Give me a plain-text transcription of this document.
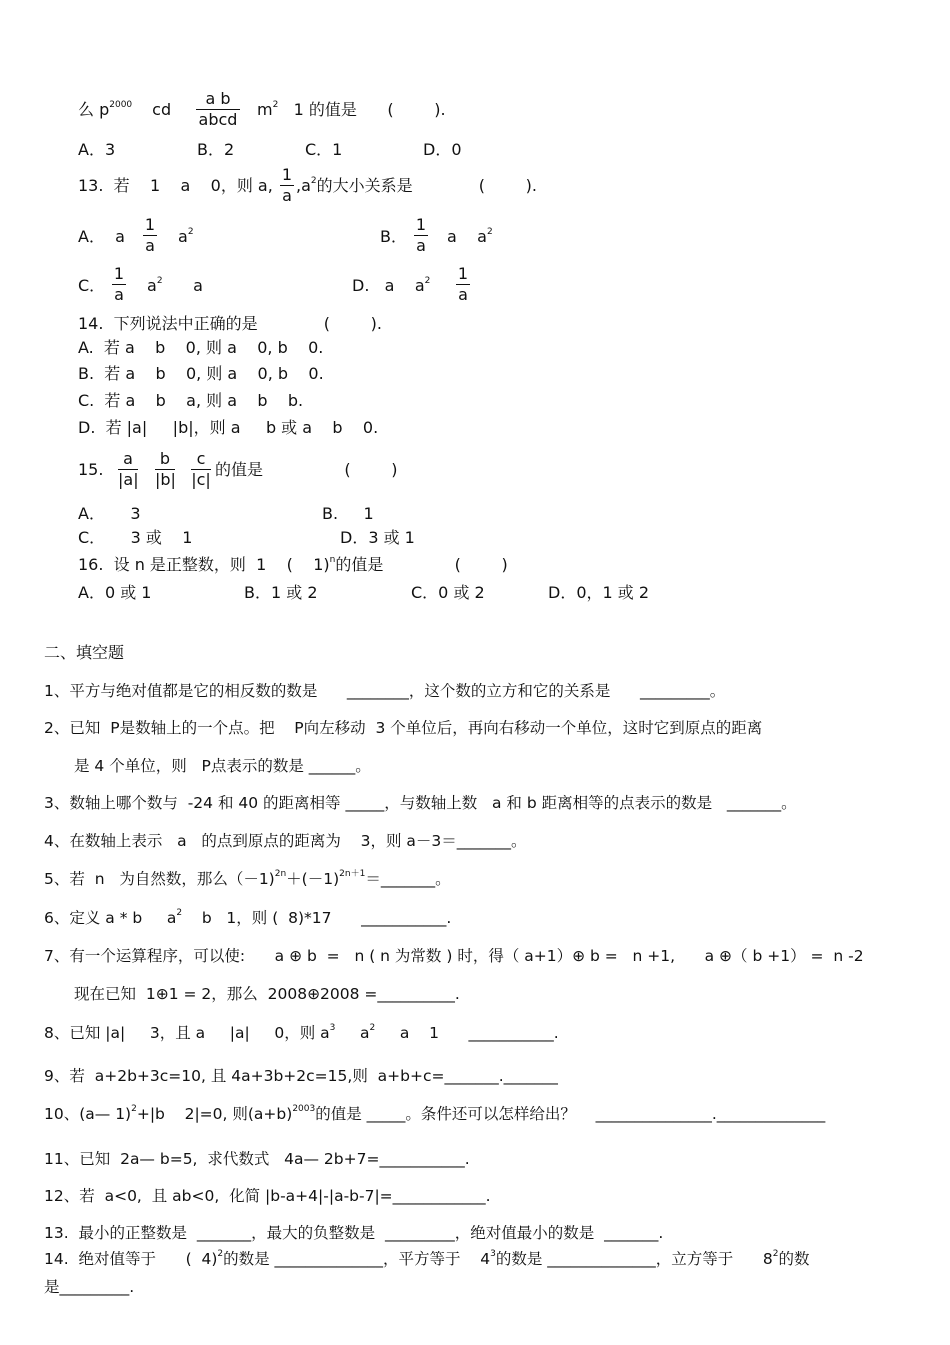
么 $p^{2000}$ cd
a b
abcd
$m^2$ 1 的值是      (        ).
A．3	B．2	C．1	D．0
13.  若    1    a    0，则 a,
1
a
$,a^2$的大小关系是             (        ).
A．  a
1
a $a^2$	B．
1
a a    $a^2$
C．
1
a $a^2$ a	D.   a    $a^2$ 1
a
14.  下列说法中正确的是             (        ).
A.  若 a    b    0, 则 a    0, b    0.
B.  若 a    b    0, 则 a    0, b    0.
C.  若 a    b    a, 则 a    b    b.
D.  若 |a|     |b|，则 a     b 或 a    b    0.
15.
a
|a|
b
|b|
c
|c|
的值是                (        )
A．     3	B.     1
C．     3 或    1	D．3 或 1
16.  设 n 是正整数，则  1    (    1)$^n$的值是              (        )
A．0 或 1	B．1 或 2	C．0 或 2	D．0，1 或 2
二、填空题
1、平方与绝对值都是它的相反数的数是      ________，这个数的立方和它的关系是      _________。
2、已知  P是数轴上的一个点。把    P向左移动  3 个单位后，再向右移动一个单位，这时它到原点的距离
是 4 个单位，则   P点表示的数是 ______。
3、数轴上哪个数与  -24 和 40 的距离相等 _____，与数轴上数   a 和 b 距离相等的点表示的数是   _______。
4、在数轴上表示   a   的点到原点的距离为    3，则 a－3＝_______。
5、若  n   为自然数，那么$(-1)^{2n}+(-1)^{2n+1}=\_\_\_\_\_\_\_$。
6、定义 a * b     $a^2$    b   1，则 (  8)*17      ___________.
7、有一个运算程序，可以使:      a ⊕ b  =   n ( n 为常数 ) 时，得（ a+1）⊕ b =   n +1,      a ⊕（ b +1） =  n -2
现在已知  1⊕1 = 2，那么  2008⊕2008 =__________.
8、已知 |a|     3，且 a     |a|     0，则 $a^3$     $a^2$     a    1      ___________.
9、若  a+2b+3c=10, 且 4a+3b+2c=15,则  a+b+c=_______._______
10、(a— 1)$^2$+|b    2|=0, 则$(a+b)^{2003}$的值是 _____。条件还可以怎样给出？    _______________.______________
11、已知  2a— b=5,  求代数式   4a— 2b+7=___________.
12、若  a<0,  且 ab<0,  化简 |b-a+4|-|a-b-7|=____________.
13.  最小的正整数是  _______，最大的负整数是  _________，绝对值最小的数是  _______.
14.  绝对值等于      (  4)$^2$的数是 ______________，平方等于    $4^3$的数是 ______________，立方等于      $8^2$的数
是_________.
